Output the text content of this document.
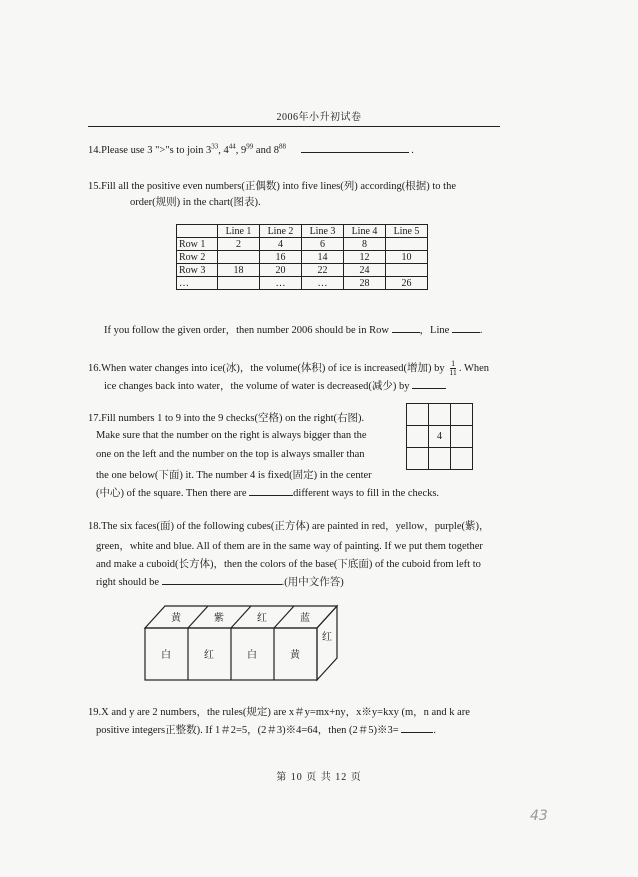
2006年小升初试卷
14.Please use 3 ">"s to join $3^{33}$, $4^{44}$, $9^{99}$ and $8^{88}$	.
15.Fill all the positive even numbers(正偶数) into five lines(列) according(根据) to the
order(规则) in the chart(图表).
	Line 1	Line 2	Line 3	Line 4	Line 5
Row 1	2	4	6	8	
Row 2		16	14	12	10
Row 3	18	20	22	24	
…		…	…	28	26
If you follow the given order，then number 2006 should be in Row	，Line	.
16.When water changes into ice(冰)，the volume(体积) of ice is increased(增加) by $\frac{1}{11}$ . When
ice changes back into water，the volume of water is decreased(减少) by
17.Fill numbers 1 to 9 into the 9 checks(空格) on the right(右图).
Make sure that the number on the right is always bigger than the
one on the left and the number on the top is always smaller than
the one below(下面) it. The number 4 is fixed(固定) in the center
(中心) of the square. Then there are	different ways to fill in the checks.

	4	

18.The six faces(面) of the following cubes(正方体) are painted in red，yellow，purple(紫)，
green，white and blue. All of them are in the same way of painting. If we put them together
and make a cuboid(长方体)，then the colors of the base(下底面) of the cuboid from left to
right should be	.(用中文作答)
黄	紫	红	蓝
白	红	白	黄
红
19.X and y are 2 numbers，the rules(规定) are x＃y=mx+ny，x※y=kxy (m，n and k are
positive integers正整数). If 1＃2=5，(2＃3)※4=64，then (2＃5)※3=	.
第 10 页 共 12 页
43
